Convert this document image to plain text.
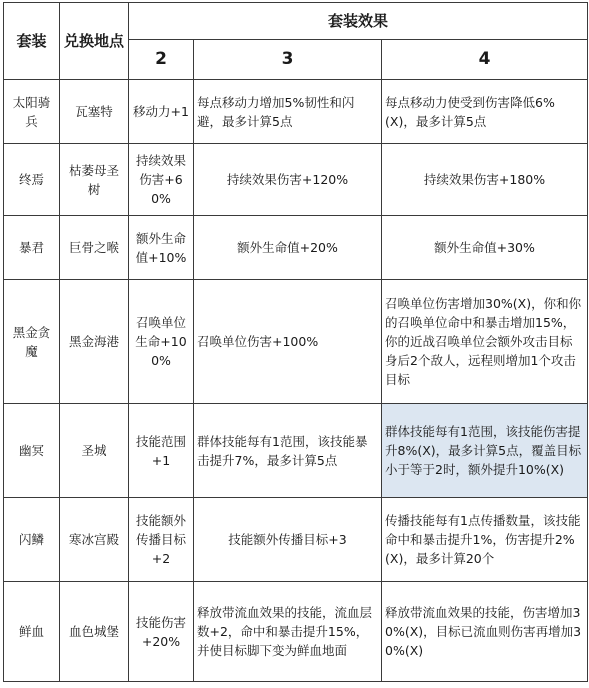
套装	兑换地点	套装效果		
		2	3	4
太阳骑兵	瓦塞特	移动力+1	每点移动力增加5%韧性和闪避，最多计算5点	每点移动力使受到伤害降低6%(X)，最多计算5点
终焉	枯萎母圣树	持续效果伤害+60%	持续效果伤害+120%	持续效果伤害+180%
暴君	巨骨之喉	额外生命值+10%	额外生命值+20%	额外生命值+30%
黑金贪魔	黑金海港	召唤单位生命+100%	召唤单位伤害+100%	召唤单位伤害增加30%(X)，你和你的召唤单位命中和暴击增加15%，你的近战召唤单位会额外攻击目标身后2个敌人，远程则增加1个攻击目标
幽冥	圣城	技能范围+1	群体技能每有1范围，该技能暴击提升7%，最多计算5点	群体技能每有1范围，该技能伤害提升8%(X)，最多计算5点，覆盖目标小于等于2时，额外提升10%(X)
闪鳞	寒冰宫殿	技能额外传播目标+2	技能额外传播目标+3	传播技能每有1点传播数量，该技能命中和暴击提升1%，伤害提升2%(X)，最多计算20个
鲜血	血色城堡	技能伤害+20%	释放带流血效果的技能，流血层数+2，命中和暴击提升15%，并使目标脚下变为鲜血地面	释放带流血效果的技能，伤害增加30%(X)，目标已流血则伤害再增加30%(X)
